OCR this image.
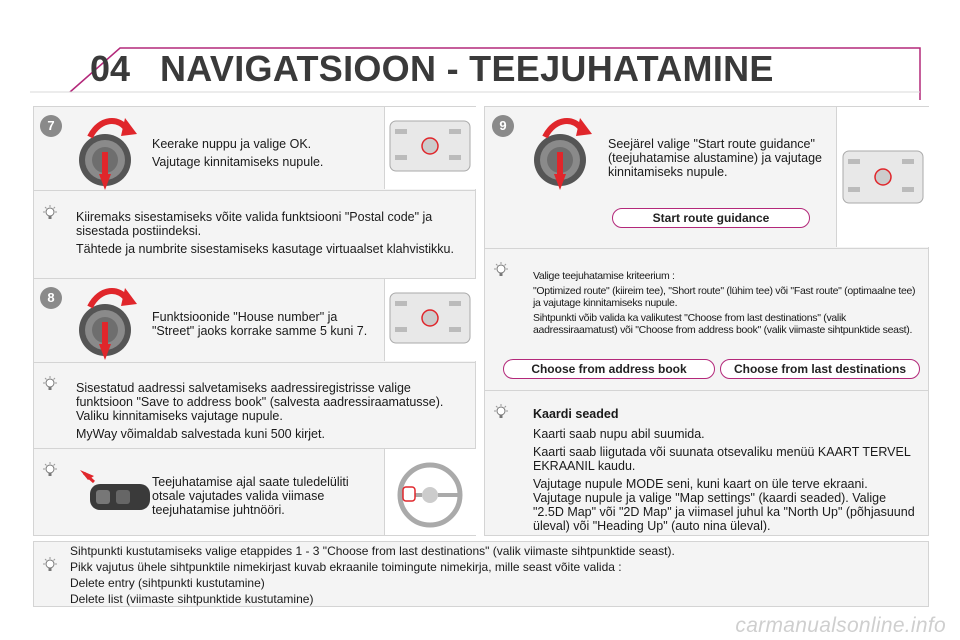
04 NAVIGATSIOON - TEEJUHATAMINE
7

Keerake nuppu ja valige OK.

Vajutage kinnitamiseks nupule.

Kiiremaks sisestamiseks võite valida funktsiooni "Postal code" ja sisestada postiindeksi.

Tähtede ja numbrite sisestamiseks kasutage virtuaalset klahvistikku.

8

Funktsioonide "House number" ja "Street" jaoks korrake samme 5 kuni 7.

Sisestatud aadressi salvetamiseks aadressiregistrisse valige funktsioon "Save to address book" (salvesta aadressiraamatusse). Valiku kinnitamiseks vajutage nupule.

MyWay võimaldab salvestada kuni 500 kirjet.

Teejuhatamise ajal saate tuledelüliti otsale vajutades valida viimase teejuhatamise juhtnööri.

9

Seejärel valige "Start route guidance" (teejuhatamise alustamine) ja vajutage kinnitamiseks nupule.

Start route guidance

Valige teejuhatamise kriteerium :

"Optimized route" (kiireim tee), "Short route" (lühim tee) või "Fast route" (optimaalne tee) ja vajutage kinnitamiseks nupule.

Sihtpunkti võib valida ka valikutest "Choose from last destinations" (valik aadressiraamatust) või "Choose from address book" (valik viimaste sihtpunktide seast).

Choose from address book	Choose from last destinations

Kaardi seaded

Kaarti saab nupu abil suumida.

Kaarti saab liigutada või suunata otsevaliku menüü KAART TERVEL EKRAANIL kaudu.

Vajutage nupule MODE seni, kuni kaart on üle terve ekraani. Vajutage nupule ja valige "Map settings" (kaardi seaded). Valige "2.5D Map" või "2D Map" ja viimasel juhul ka "North Up" (põhjasuund üleval) või "Heading Up" (auto nina üleval).

Sihtpunkti kustutamiseks valige etappides 1 - 3 "Choose from last destinations" (valik viimaste sihtpunktide seast).

Pikk vajutus ühele sihtpunktile nimekirjast kuvab ekraanile toimingute nimekirja, mille seast võite valida :

Delete entry (sihtpunkti kustutamine)

Delete list (viimaste sihtpunktide kustutamine)

carmanualsonline.info
